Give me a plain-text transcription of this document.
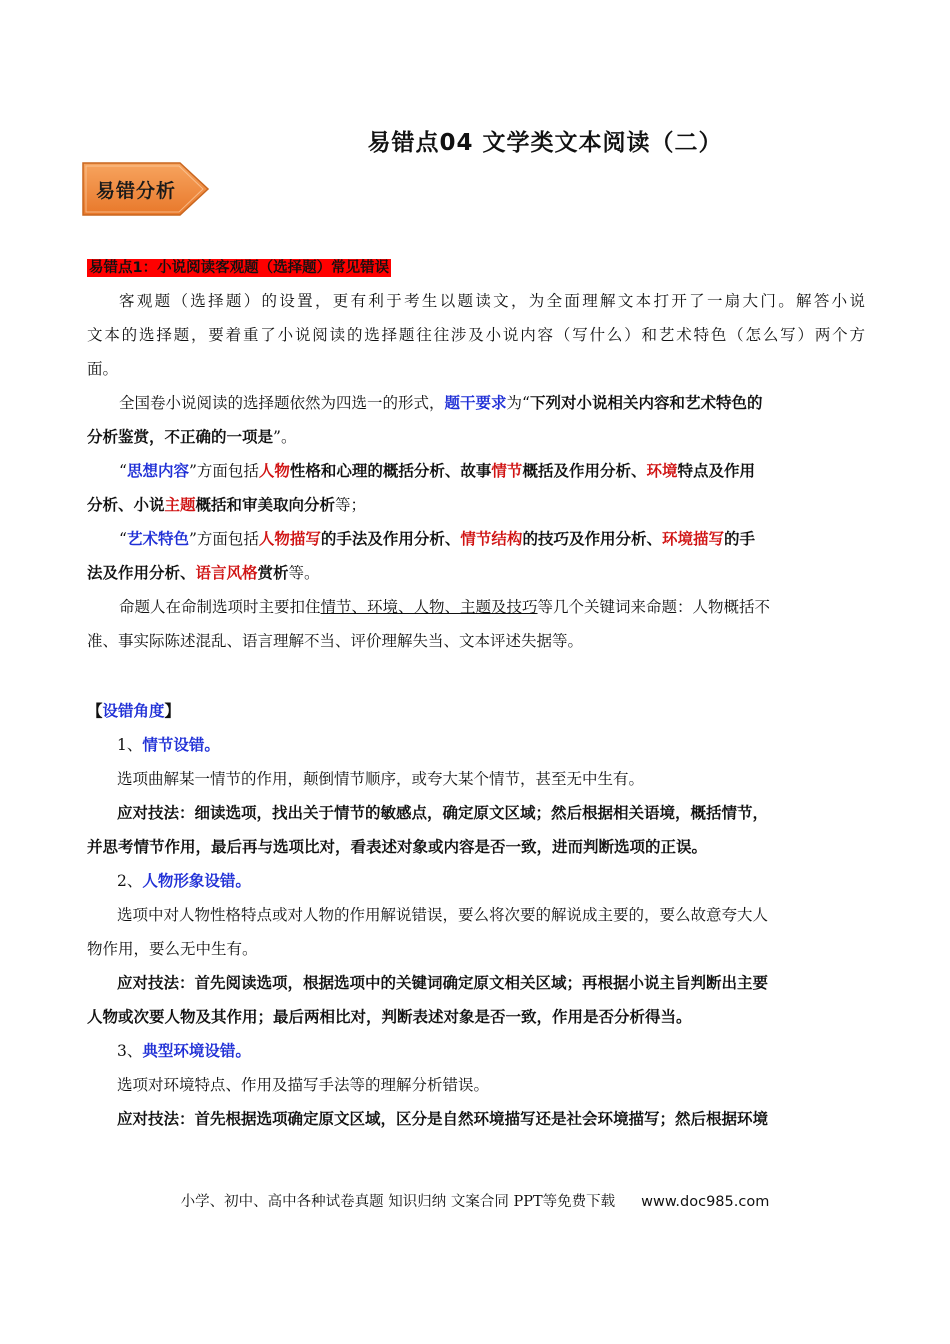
易错点04 文学类文本阅读（二）
易错分析
易错点1：小说阅读客观题（选择题）常见错误
客观题（选择题）的设置，更有利于考生以题读文，为全面理解文本打开了一扇大门。解答小说
文本的选择题，要着重了小说阅读的选择题往往涉及小说内容（写什么）和艺术特色（怎么写）两个方
面。
全国卷小说阅读的选择题依然为四选一的形式，题干要求为“下列对小说相关内容和艺术特色的
分析鉴赏，不正确的一项是”。
“思想内容”方面包括人物性格和心理的概括分析、故事情节概括及作用分析、环境特点及作用
分析、小说主题概括和审美取向分析等；
“艺术特色”方面包括人物描写的手法及作用分析、情节结构的技巧及作用分析、环境描写的手
法及作用分析、语言风格赏析等。
命题人在命制选项时主要扣住情节、环境、人物、主题及技巧等几个关键词来命题：人物概括不
准、事实际陈述混乱、语言理解不当、评价理解失当、文本评述失据等。
【设错角度】
1、情节设错。
选项曲解某一情节的作用，颠倒情节顺序，或夸大某个情节，甚至无中生有。
应对技法：细读选项，找出关于情节的敏感点，确定原文区域；然后根据相关语境，概括情节，
并思考情节作用，最后再与选项比对，看表述对象或内容是否一致，进而判断选项的正误。
2、人物形象设错。
选项中对人物性格特点或对人物的作用解说错误，要么将次要的解说成主要的，要么故意夸大人
物作用，要么无中生有。
应对技法：首先阅读选项，根据选项中的关键词确定原文相关区域；再根据小说主旨判断出主要
人物或次要人物及其作用；最后两相比对，判断表述对象是否一致，作用是否分析得当。
3、典型环境设错。
选项对环境特点、作用及描写手法等的理解分析错误。
应对技法：首先根据选项确定原文区域，区分是自然环境描写还是社会环境描写；然后根据环境
小学、初中、高中各种试卷真题 知识归纳 文案合同 PPT等免费下载 www.doc985.com
